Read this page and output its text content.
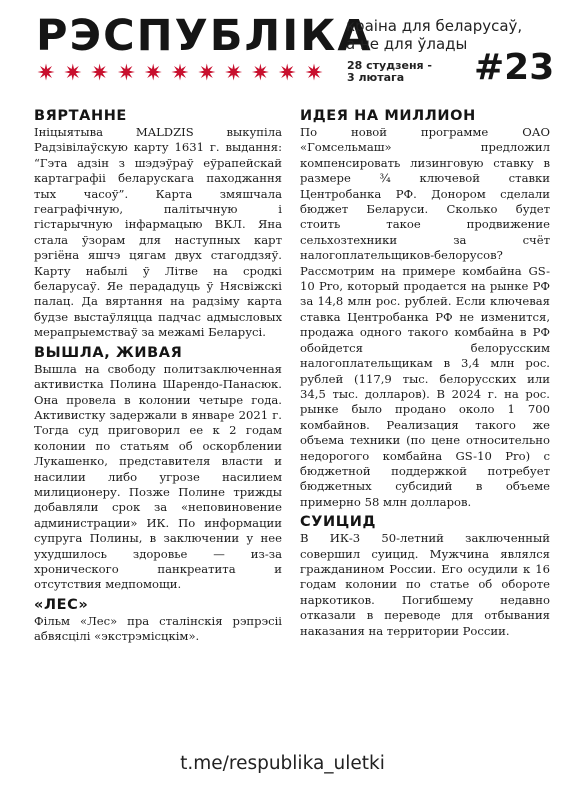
РЭСПУБЛІКА
краіна для беларусаў,
а не для ўлады
28 студзеня -
3 лютага	#23
ВЯРТАННЕ

Ініцыятыва MALDZIS выкупіла Радзівілаўскую карту 1631 г. выдання: “Гэта адзін з шэдэўраў еўрапейскай картаграфіі беларускага паходжання тых часоў”. Карта змяшчала геаграфічную, палітычную і гістарычную інфармацыю ВКЛ. Яна стала ўзорам для наступных карт рэгіёна яшчэ цягам двух стагоддзяў. Карту набылі ў Літве на сродкі беларусаў. Яе перададуць ў Нясвіжскі палац. Да вяртання на радзіму карта будзе выстаўляцца падчас адмысловых мерапрыемстваў за межамі Беларусі.

ВЫШЛА, ЖИВАЯ

Вышла на свободу политзаключенная активистка Полина Шарендо-Панасюк. Она провела в колонии четыре года. Активистку задержали в январе 2021 г. Тогда суд приговорил ее к 2 годам колонии по статьям об оскорблении Лукашенко, представителя власти и насилии либо угрозе насилием милиционеру. Позже Полине трижды добавляли срок за «неповиновение администрации» ИК. По информации супруга Полины, в заключении у нее ухудшилось здоровье — из-за хронического панкреатита и отсутствия медпомощи.

«ЛЕС»

Фільм «Лес» пра сталінскія рэпрэсіі абвясцілі «экстрэмісцкім».

ИДЕЯ НА МИЛЛИОН

По новой программе ОАО «Гомсельмаш» предложил компенсировать лизинговую ставку в размере ¾ ключевой ставки Центробанка РФ. Донором сделали бюджет Беларуси. Сколько будет стоить такое продвижение сельхозтехники за счёт налогоплательщиков-белорусов? Рассмотрим на примере комбайна GS-10 Pro, который продается на рынке РФ за 14,8 млн рос. рублей. Если ключевая ставка Центробанка РФ не изменится, продажа одного такого комбайна в РФ обойдется белорусским налогоплательщикам в 3,4 млн рос. рублей (117,9 тыс. белорусских или 34,5 тыс. долларов). В 2024 г. на рос. рынке было продано около 1 700 комбайнов. Реализация такого же объема техники (по цене относительно недорогого комбайна GS-10 Pro) с бюджетной поддержкой потребует бюджетных субсидий в объеме примерно 58 млн долларов.

СУИЦИД

В ИК-3 50-летний заключенный совершил суицид. Мужчина являлся гражданином России. Его осудили к 16 годам колонии по статье об обороте наркотиков. Погибшему недавно отказали в переводе для отбывания наказания на территории России.

t.me/respublika_uletki
